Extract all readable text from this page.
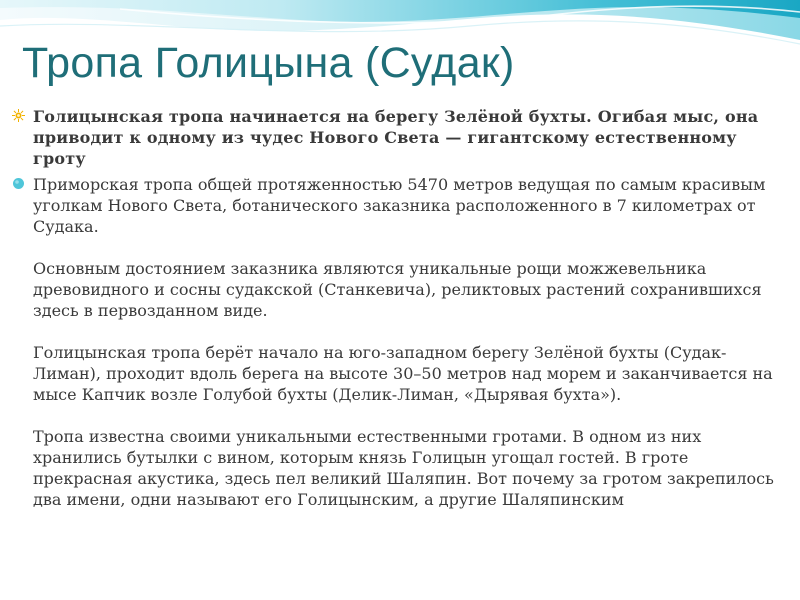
Тропа Голицына (Судак)

Голицынская тропа начинается на берегу Зелёной бухты. Огибая мыс, она приводит к одному из чудес Нового Света — гигантскому естественному гроту

Приморская тропа общей протяженностью 5470 метров ведущая по самым красивым уголкам Нового Света, ботанического заказника расположенного в 7 километрах от Судака.

Основным достоянием заказника являются уникальные рощи можжевельника древовидного и сосны судакской (Станкевича), реликтовых растений сохранившихся здесь в первозданном виде.

Голицынская тропа берёт начало на юго-западном берегу Зелёной бухты (Судак-Лиман), проходит вдоль берега на высоте 30–50 метров над морем и заканчивается на мысе Капчик возле Голубой бухты (Делик-Лиман, «Дырявая бухта»).

Тропа известна своими уникальными естественными гротами. В одном из них хранились бутылки с вином, которым князь Голицын угощал гостей. В гроте прекрасная акустика, здесь пел великий Шаляпин. Вот почему за гротом закрепилось два имени, одни называют его Голицынским, а другие Шаляпинским
